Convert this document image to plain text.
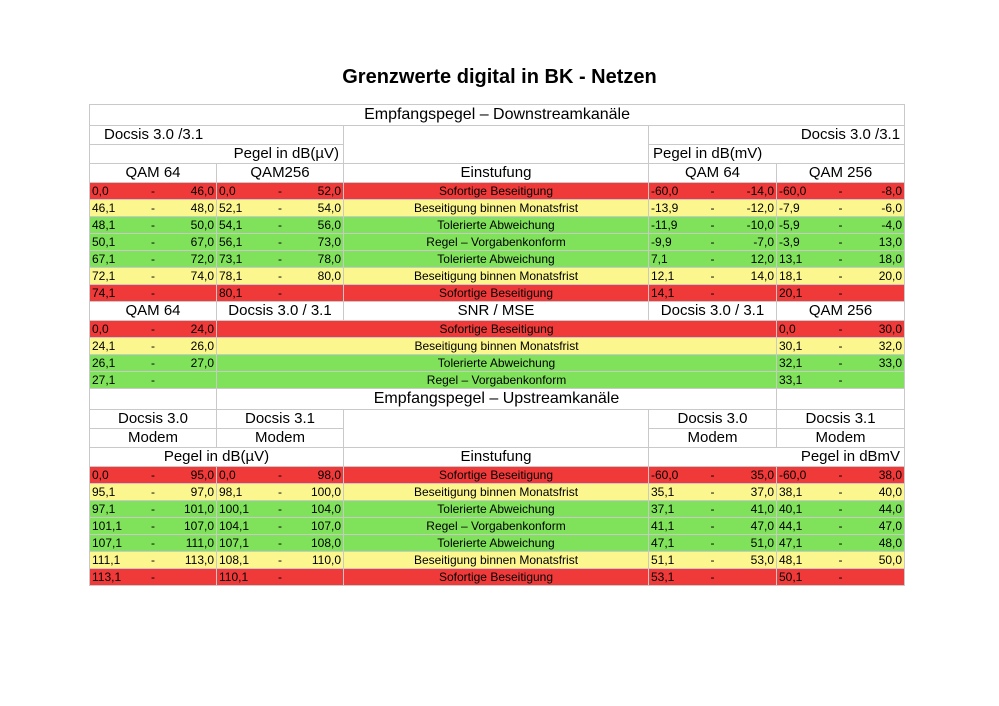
Grenzwerte digital in BK - Netzen
Empfangspegel – Downstreamkanäle				
Docsis 3.0 /3.1			Docsis 3.0 /3.1	
Pegel in dB(µV)			Pegel in dB(mV)	
QAM 64	QAM256	Einstufung	QAM 64	QAM 256

0,0 - 46,0	0,0 - 52,0	Sofortige Beseitigung	-60,0 - -14,0	-60,0 - -8,0

46,1 - 48,0	52,1 - 54,0	Beseitigung binnen Monatsfrist	-13,9 - -12,0	-7,9 - -6,0

48,1 - 50,0	54,1 - 56,0	Tolerierte Abweichung	-11,9 - -10,0	-5,9 - -4,0

50,1 - 67,0	56,1 - 73,0	Regel – Vorgabenkonform	-9,9 - -7,0	-3,9 - 13,0

67,1 - 72,0	73,1 - 78,0	Tolerierte Abweichung	7,1 - 12,0	13,1 - 18,0

72,1 - 74,0	78,1 - 80,0	Beseitigung binnen Monatsfrist	12,1 - 14,0	18,1 - 20,0

74,1 -	80,1 -	Sofortige Beseitigung	14,1 -	20,1 -

QAM 64	Docsis 3.0 / 3.1	SNR / MSE	Docsis 3.0 / 3.1	QAM 256

0,0 - 24,0	Sofortige Beseitigung			0,0 - 30,0

24,1 - 26,0	Beseitigung binnen Monatsfrist			30,1 - 32,0

26,1 - 27,0	Tolerierte Abweichung			32,1 - 33,0

27,1 -	Regel – Vorgabenkonform			33,1 -

	Empfangspegel – Upstreamkanäle			
Docsis 3.0	Docsis 3.1		Docsis 3.0	Docsis 3.1
Modem	Modem		Modem	Modem
Pegel in dB(µV)		Einstufung	Pegel in dBmV	

0,0 - 95,0	0,0 - 98,0	Sofortige Beseitigung	-60,0 - 35,0	-60,0 - 38,0

95,1 - 97,0	98,1 - 100,0	Beseitigung binnen Monatsfrist	35,1 - 37,0	38,1 - 40,0

97,1 - 101,0	100,1 - 104,0	Tolerierte Abweichung	37,1 - 41,0	40,1 - 44,0

101,1 - 107,0	104,1 - 107,0	Regel – Vorgabenkonform	41,1 - 47,0	44,1 - 47,0

107,1 - 111,0	107,1 - 108,0	Tolerierte Abweichung	47,1 - 51,0	47,1 - 48,0

111,1 - 113,0	108,1 - 110,0	Beseitigung binnen Monatsfrist	51,1 - 53,0	48,1 - 50,0

113,1 -	110,1 -	Sofortige Beseitigung	53,1 -	50,1 -
